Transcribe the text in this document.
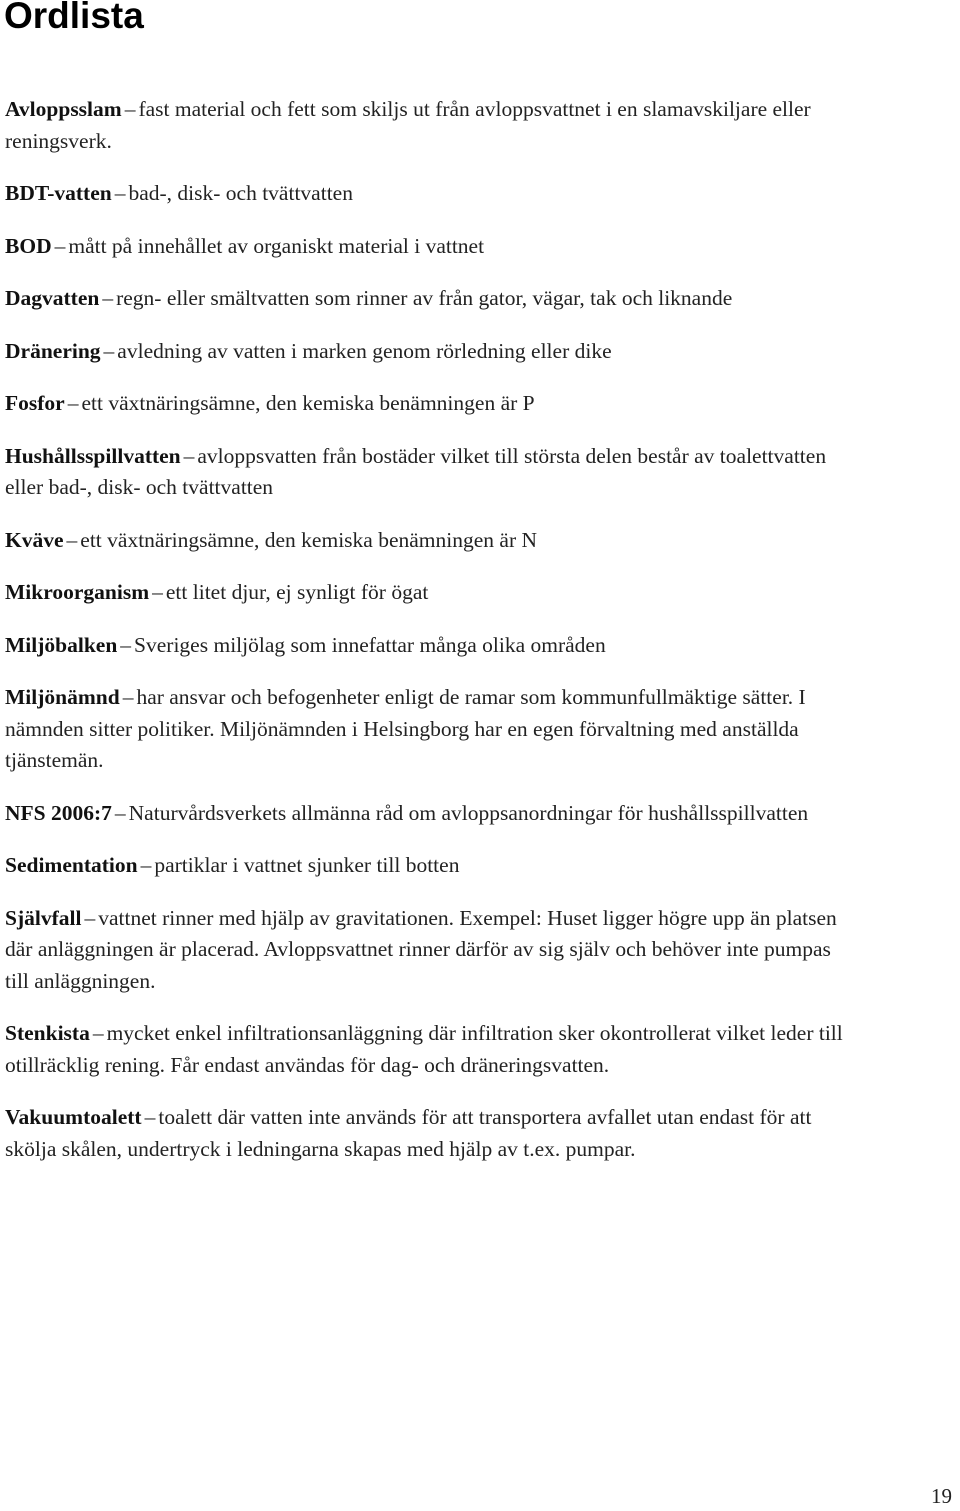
Ordlista
Avloppsslam – fast material och fett som skiljs ut från avloppsvattnet i en slamavskiljare eller reningsverk.
BDT-vatten – bad-, disk- och tvättvatten
BOD – mått på innehållet av organiskt material i vattnet
Dagvatten – regn- eller smältvatten som rinner av från gator, vägar, tak och liknande
Dränering – avledning av vatten i marken genom rörledning eller dike
Fosfor – ett växtnäringsämne, den kemiska benämningen är P
Hushållsspillvatten – avloppsvatten från bostäder vilket till största delen består av toalettvatten eller bad-, disk- och tvättvatten
Kväve – ett växtnäringsämne, den kemiska benämningen är N
Mikroorganism – ett litet djur, ej synligt för ögat
Miljöbalken – Sveriges miljölag som innefattar många olika områden
Miljönämnd – har ansvar och befogenheter enligt de ramar som kommunfullmäktige sätter. I nämnden sitter politiker. Miljönämnden i Helsingborg har en egen förvaltning med anställda tjänstemän.
NFS 2006:7 – Naturvårdsverkets allmänna råd om avloppsanordningar för hushållsspillvatten
Sedimentation – partiklar i vattnet sjunker till botten
Självfall – vattnet rinner med hjälp av gravitationen. Exempel: Huset ligger högre upp än platsen där anläggningen är placerad. Avloppsvattnet rinner därför av sig själv och behöver inte pumpas till anläggningen.
Stenkista – mycket enkel infiltrationsanläggning där infiltration sker okontrollerat vilket leder till otillräcklig rening. Får endast användas för dag- och dräneringsvatten.
Vakuumtoalett – toalett där vatten inte används för att transportera avfallet utan endast för att skölja skålen, undertryck i ledningarna skapas med hjälp av t.ex. pumpar.
19
